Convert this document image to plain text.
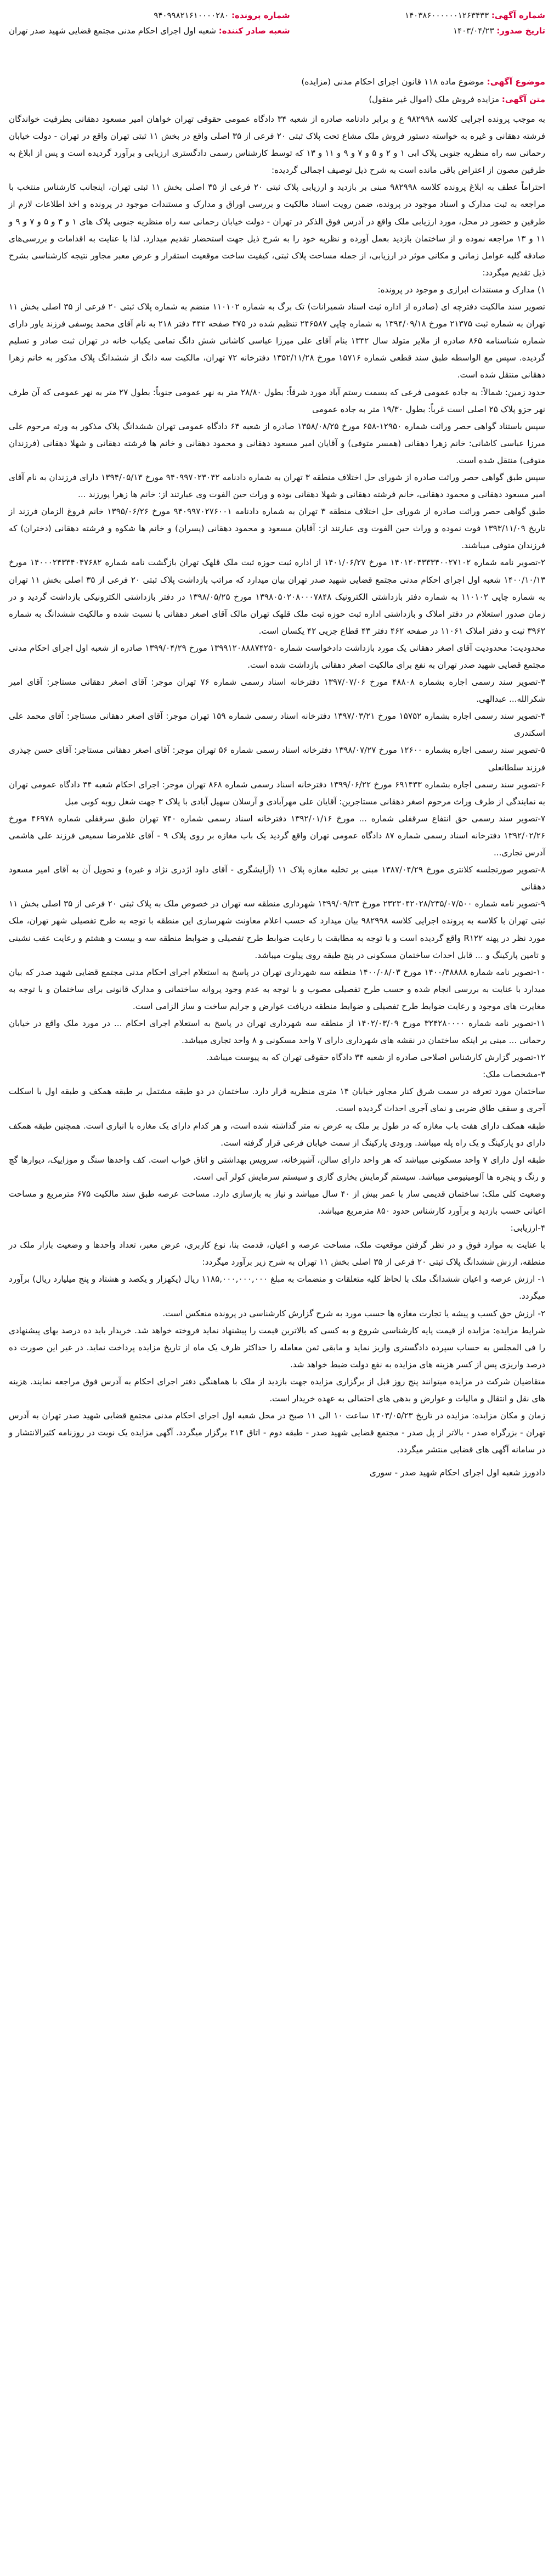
شماره آگهی: ۱۴۰۳۸۶۰۰۰۰۰۰۱۲۶۳۴۳۳
تاریخ صدور: ۱۴۰۳/۰۴/۲۳
شماره پرونده: ۹۴۰۹۹۸۲۱۶۱۰۰۰۰۲۸۰
شعبه صادر کننده: شعبه اول اجرای احکام مدنی مجتمع قضایی شهید صدر تهران
موضوع آگهی: موضوع ماده ۱۱۸ قانون اجرای احکام مدنی (مزایده)
متن آگهی: مزایده فروش ملک (اموال غیر منقول)

به موجب پرونده اجرایی کلاسه ۹۸۲۹۹۸ ع و برابر دادنامه صادره از شعبه ۳۴ دادگاه عمومی حقوقی تهران خواهان امیر مسعود دهقانی بطرفیت خواندگان فرشته دهقانی و غیره به خواسته دستور فروش ملک مشاع تحت پلاک ثبتی ۲۰ فرعی از ۳۵ اصلی واقع در بخش ۱۱ ثبتی تهران واقع در تهران - دولت خیابان رحمانی سه راه منظریه جنوبی پلاک ابی ۱ و ۲ و ۵ و ۷ و ۹ و ۱۱ و ۱۳ که توسط کارشناس رسمی دادگستری ارزیابی و برآورد گردیده است و پس از ابلاغ به طرفین مصون از اعتراض باقی مانده است به شرح ذیل توصیف اجمالی گردیده:

احتراماً عطف به ابلاغ پرونده کلاسه ۹۸۲۹۹۸ مبنی بر بازدید و ارزیابی پلاک ثبتی ۲۰ فرعی از ۳۵ اصلی بخش ۱۱ ثبتی تهران، اینجانب کارشناس منتخب با مراجعه به ثبت مدارک و اسناد موجود در پرونده، ضمن رویت اسناد مالکیت و بررسی اوراق و مدارک و مستندات موجود در پرونده و اخذ اطلاعات لازم از طرفین و حضور در محل، مورد ارزیابی ملک واقع در آدرس فوق الذکر در تهران - دولت خیابان رحمانی سه راه منظریه جنوبی پلاک های ۱ و ۳ و ۵ و ۷ و ۹ و ۱۱ و ۱۳ مراجعه نموده و از ساختمان بازدید بعمل آورده و نظریه خود را به شرح ذیل جهت استحضار تقدیم میدارد. لذا با عنایت به اقدامات و بررسی‌های صادقه گلیه عوامل زمانی و مکانی موثر در ارزیابی، از جمله مساحت پلاک ثبتی، کیفیت ساخت موقعیت استقرار و عرض معبر مجاور نتیجه کارشناسی بشرح ذیل تقدیم میگردد:

۱) مدارک و مستندات ابرازی و موجود در پرونده:

تصویر سند مالکیت دفترچه ای (صادره از اداره ثبت اسناد شمیرانات) تک برگ به شماره ۱۱۰۱۰۲ منضم به شماره پلاک ثبتی ۲۰ فرعی از ۳۵ اصلی بخش ۱۱ تهران به شماره ثبت ۲۱۳۷۵ مورخ ۱۳۹۴/۰۹/۱۸ به شماره چاپی ۲۴۶۵۸۷ تنظیم شده در ۳۷۵ صفحه ۴۴۲ دفتر ۲۱۸ به نام آقای محمد یوسفی فرزند یاور دارای شماره شناسنامه ۸۶۵ صادره از ملایر متولد سال ۱۳۴۲ بنام آقای علی میرزا عباسی کاشانی شش دانگ تمامی یکباب خانه در تهران ثبت صادر و تسلیم گردیده. سپس مع الواسطه طبق سند قطعی شماره ۱۵۷۱۶ مورخ ۱۳۵۲/۱۱/۲۸ دفترخانه ۷۲ تهران، مالکیت سه دانگ از ششدانگ پلاک مذکور به خانم زهرا دهقانی منتقل شده است.

حدود زمین: شمالاً: به جاده عمومی فرعی که بسمت رستم آباد مورد شرقاً: بطول ۲۸/۸۰ متر به نهر عمومی جنوباً: بطول ۲۷ متر به نهر عمومی که آن طرف نهر جزو پلاک ۲۵ اصلی است غرباً: بطول ۱۹/۳۰ متر به جاده عمومی

سپس باستناد گواهی حصر وراثت شماره ۱۲۹۵۰-۶۵۸ مورخ ۱۳۵۸/۰۸/۲۵ صادره از شعبه ۶۴ دادگاه عمومی تهران ششدانگ پلاک مذکور به ورثه مرحوم علی میرزا عباسی کاشانی: خانم زهرا دهقانی (همسر متوفی) و آقایان امیر مسعود دهقانی و محمود دهقانی و خانم ها فرشته دهقانی و شهلا دهقانی (فرزندان متوفی) منتقل شده است.

سپس طبق گواهی حصر وراثت صادره از شورای حل اختلاف منطقه ۳ تهران به شماره دادنامه ۹۴۰۹۹۷۰۲۳۰۴۲ مورخ ۱۳۹۴/۰۵/۱۳ دارای فرزندان به نام آقای امیر مسعود دهقانی و محمود دهقانی، خانم فرشته دهقانی و شهلا دهقانی بوده و وراث حین الفوت وی عبارتند از: خانم ها زهرا پورزند ...

طبق گواهی حصر وراثت صادره از شورای حل اختلاف منطقه ۳ تهران به شماره دادنامه ۹۴۰۹۹۷۰۲۷۶۰۰۱ مورخ ۱۳۹۵/۰۶/۲۶ خانم فروغ الزمان فرزند از تاریخ ۱۳۹۳/۱۱/۰۹ فوت نموده و وراث حین الفوت وی عبارتند از: آقایان مسعود و محمود دهقانی (پسران) و خانم ها شکوه و فرشته دهقانی (دختران) که فرزندان متوفی میباشند.

۲-تصویر نامه شماره ۱۴۰۱۲۰۴۳۳۳۴۰۰۲۷۱۰۲ مورخ ۱۴۰۱/۰۶/۲۷ از اداره ثبت حوزه ثبت ملک قلهک تهران بازگشت نامه شماره ۱۴۰۰۰۲۴۳۳۴۰۴۷۶۸۲ مورخ ۱۴۰۰/۱۰/۱۳ شعبه اول اجرای احکام مدنی مجتمع قضایی شهید صدر تهران بیان میدارد که مراتب بازداشت پلاک ثبتی ۲۰ فرعی از ۳۵ اصلی بخش ۱۱ تهران به شماره چاپی ۱۱۰۱۰۲ به شماره دفتر بازداشتی الکترونیک ۱۳۹۸۰۵۰۲۰۸۰۰۰۷۸۴۸ مورخ ۱۳۹۸/۰۵/۲۵ در دفتر بازداشتی الکترونیکی بازداشت گردید و در زمان صدور استعلام در دفتر املاک و بازداشتی اداره ثبت حوزه ثبت ملک قلهک تهران مالک آقای اصغر دهقانی با نسبت شده و مالکیت ششدانگ به شماره ۳۹۶۲ ثبت و دفتر املاک ۱۱۰۶۱ در صفحه ۴۶۲ دفتر ۴۳ قطاع جزیی ۴۲ یکسان است.

محدودیت: محدودیت آقای اصغر دهقانی یک مورد بازداشت دادخواست شماره ۱۳۹۹۱۲۰۸۸۸۷۴۲۵۰ مورخ ۱۳۹۹/۰۴/۲۹ صادره از شعبه اول اجرای احکام مدنی مجتمع قضایی شهید صدر تهران به نفع برای مالکیت اصغر دهقانی بازداشت شده است.

۳-تصویر سند رسمی اجاره بشماره ۴۸۸۰۸ مورخ ۱۳۹۷/۰۷/۰۶ دفترخانه اسناد رسمی شماره ۷۶ تهران موجر: آقای اصغر دهقانی مستاجر: آقای امیر شکرالله... عبدالهی.

۴-تصویر سند رسمی اجاره بشماره ۱۵۷۵۲ مورخ ۱۳۹۷/۰۳/۲۱ دفترخانه اسناد رسمی شماره ۱۵۹ تهران موجر: آقای اصغر دهقانی مستاجر: آقای محمد علی اسکندری

۵-تصویر سند رسمی اجاره بشماره ۱۲۶۰۰ مورخ ۱۳۹۸/۰۷/۲۷ دفترخانه اسناد رسمی شماره ۵۶ تهران موجر: آقای اصغر دهقانی مستاجر: آقای حسن چیذری فرزند سلطانعلی

۶-تصویر سند رسمی اجاره بشماره ۶۹۱۴۳۳ مورخ ۱۳۹۹/۰۶/۲۲ دفترخانه اسناد رسمی شماره ۸۶۸ تهران موجر: اجرای احکام شعبه ۳۴ دادگاه عمومی تهران به نمایندگی از طرف وراث مرحوم اصغر دهقانی مستاجرین: آقایان علی مهرآبادی و آرسلان سهیل آبادی با پلاک ۳ جهت شغل روبه کوبی مبل

۷-تصویر سند رسمی حق انتفاع سرقفلی شماره ... مورخ ۱۳۹۲/۰۱/۱۶ دفترخانه اسناد رسمی شماره ۷۴۰ تهران طبق سرقفلی شماره ۴۶۹۷۸ مورخ ۱۳۹۲/۰۲/۲۶ دفترخانه اسناد رسمی شماره ۸۷ دادگاه عمومی تهران واقع گردید یک باب مغازه بر روی پلاک ۹ - آقای غلامرضا سمیعی فرزند علی هاشمی آدرس تجاری...

۸-تصویر صورتجلسه کلانتری مورخ ۱۳۸۷/۰۴/۲۹ مبنی بر تخلیه مغازه پلاک ۱۱ (آرایشگری - آقای داود اژدری نژاد و غیره) و تحویل آن به آقای امیر مسعود دهقانی

۹-تصویر نامه شماره ۲۳۲۳۰۴۲۰۲۸/۲۳۵/۰۷/۵۰۰ مورخ ۱۳۹۹/۰۹/۲۳ شهرداری منطقه سه تهران در خصوص ملک به پلاک ثبتی ۲۰ فرعی از ۳۵ اصلی بخش ۱۱ ثبتی تهران با کلاسه به پرونده اجرایی کلاسه ۹۸۲۹۹۸ بیان میدارد که حسب اعلام معاونت شهرسازی این منطقه با توجه به طرح تفصیلی شهر تهران، ملک مورد نظر در پهنه R۱۲۲ واقع گردیده است و با توجه به مطابقت با رعایت ضوابط طرح تفصیلی و ضوابط منطقه سه و بیست و هشتم و رعایت عقب نشینی و تامین پارکینگ و ... قابل احداث ساختمان مسکونی در پنج طبقه روی پیلوت میباشد.

۱۰-تصویر نامه شماره ۱۴۰۰/۳۸۸۸۸ مورخ ۱۴۰۰/۰۸/۰۳ منطقه سه شهرداری تهران در پاسخ به استعلام اجرای احکام مدنی مجتمع قضایی شهید صدر که بیان میدارد با عنایت به بررسی انجام شده و حسب طرح تفصیلی مصوب و با توجه به عدم وجود پروانه ساختمانی و مدارک قانونی برای ساختمان و با توجه به مغایرت های موجود و رعایت ضوابط طرح تفصیلی و ضوابط منطقه دریافت عوارض و جرایم ساخت و ساز الزامی است.

۱۱-تصویر نامه شماره ۳۲۴۲۸۰۰۰۰ مورخ ۱۴۰۲/۰۳/۰۹ از منطقه سه شهرداری تهران در پاسخ به استعلام اجرای احکام ... در مورد ملک واقع در خیابان رحمانی ... مبنی بر اینکه ساختمان در نقشه های شهرداری دارای ۷ واحد مسکونی و ۸ واحد تجاری میباشد.

۱۲-تصویر گزارش کارشناس اصلاحی صادره از شعبه ۳۴ دادگاه حقوقی تهران که به پیوست میباشد.

۳-مشخصات ملک:

ساختمان مورد تعرفه در سمت شرق کنار مجاور خیابان ۱۴ متری منظریه قرار دارد. ساختمان در دو طبقه مشتمل بر طبقه همکف و طبقه اول با اسکلت آجری و سقف طاق ضربی و نمای آجری احداث گردیده است.

طبقه همکف دارای هفت باب مغازه که در طول بر ملک به عرض نه متر گذاشته شده است، و هر کدام دارای یک مغازه با انباری است. همچنین طبقه همکف دارای دو پارکینگ و یک راه پله میباشد. ورودی پارکینگ از سمت خیابان فرعی قرار گرفته است.

طبقه اول دارای ۷ واحد مسکونی میباشد که هر واحد دارای سالن، آشپزخانه، سرویس بهداشتی و اتاق خواب است. کف واحدها سنگ و موزاییک، دیوارها گچ و رنگ و پنجره ها آلومینیومی میباشد. سیستم گرمایش بخاری گازی و سیستم سرمایش کولر آبی است.

وضعیت کلی ملک: ساختمان قدیمی ساز با عمر بیش از ۴۰ سال میباشد و نیاز به بازسازی دارد. مساحت عرصه طبق سند مالکیت ۶۷۵ مترمربع و مساحت اعیانی حسب بازدید و برآورد کارشناس حدود ۸۵۰ مترمربع میباشد.

۴-ارزیابی:

با عنایت به موارد فوق و در نظر گرفتن موقعیت ملک، مساحت عرصه و اعیان، قدمت بنا، نوع کاربری، عرض معبر، تعداد واحدها و وضعیت بازار ملک در منطقه، ارزش ششدانگ پلاک ثبتی ۲۰ فرعی از ۳۵ اصلی بخش ۱۱ تهران به شرح زیر برآورد میگردد:

۱- ارزش عرصه و اعیان ششدانگ ملک با لحاظ کلیه متعلقات و منضمات به مبلغ ۱۱۸۵,۰۰۰,۰۰۰,۰۰۰ ریال (یکهزار و یکصد و هشتاد و پنج میلیارد ریال) برآورد میگردد.

۲- ارزش حق کسب و پیشه یا تجارت مغازه ها حسب مورد به شرح گزارش کارشناسی در پرونده منعکس است.

شرایط مزایده: مزایده از قیمت پایه کارشناسی شروع و به کسی که بالاترین قیمت را پیشنهاد نماید فروخته خواهد شد. خریدار باید ده درصد بهای پیشنهادی را فی المجلس به حساب سپرده دادگستری واریز نماید و مابقی ثمن معامله را حداکثر ظرف یک ماه از تاریخ مزایده پرداخت نماید. در غیر این صورت ده درصد واریزی پس از کسر هزینه های مزایده به نفع دولت ضبط خواهد شد.

متقاضیان شرکت در مزایده میتوانند پنج روز قبل از برگزاری مزایده جهت بازدید از ملک با هماهنگی دفتر اجرای احکام به آدرس فوق مراجعه نمایند. هزینه های نقل و انتقال و مالیات و عوارض و بدهی های احتمالی به عهده خریدار است.

زمان و مکان مزایده: مزایده در تاریخ ۱۴۰۳/۰۵/۲۳ ساعت ۱۰ الی ۱۱ صبح در محل شعبه اول اجرای احکام مدنی مجتمع قضایی شهید صدر تهران به آدرس تهران - بزرگراه صدر - بالاتر از پل صدر - مجتمع قضایی شهید صدر - طبقه دوم - اتاق ۲۱۴ برگزار میگردد. آگهی مزایده یک نوبت در روزنامه کثیرالانتشار و در سامانه آگهی های قضایی منتشر میگردد.

دادورز شعبه اول اجرای احکام شهید صدر - سوری
